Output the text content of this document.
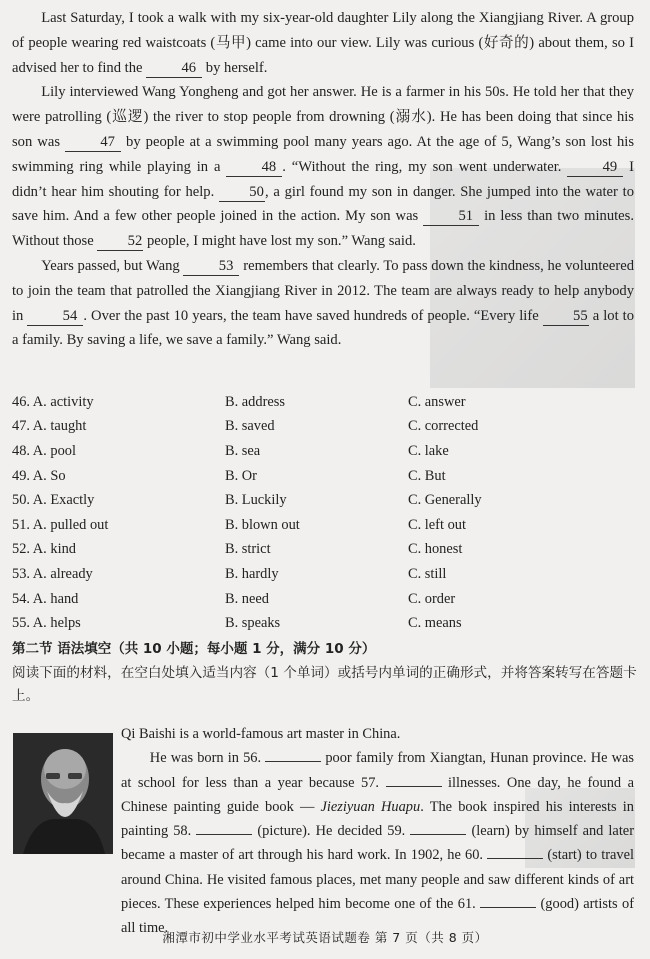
Last Saturday, I took a walk with my six-year-old daughter Lily along the Xiangjiang River. A group of people wearing red waistcoats (马甲) came into our view. Lily was curious (好奇的) about them, so I advised her to find the 46 by herself.

Lily interviewed Wang Yongheng and got her answer. He is a farmer in his 50s. He told her that they were patrolling (巡逻) the river to stop people from drowning (溺水). He has been doing that since his son was 47 by people at a swimming pool many years ago. At the age of 5, Wang’s son lost his swimming ring while playing in a 48 . “Without the ring, my son went underwater. 49 I didn’t hear him shouting for help. 50, a girl found my son in danger. She jumped into the water to save him. And a few other people joined in the action. My son was 51 in less than two minutes. Without those 52 people, I might have lost my son.” Wang said.

Years passed, but Wang 53 remembers that clearly. To pass down the kindness, he volunteered to join the team that patrolled the Xiangjiang River in 2012. The team are always ready to help anybody in 54 . Over the past 10 years, the team have saved hundreds of people. “Every life 55 a lot to a family. By saving a life, we save a family.” Wang said.

46. A. activity	B. address	C. answer
47. A. taught	B. saved	C. corrected
48. A. pool	B. sea	C. lake
49. A. So	B. Or	C. But
50. A. Exactly	B. Luckily	C. Generally
51. A. pulled out	B. blown out	C. left out
52. A. kind	B. strict	C. honest
53. A. already	B. hardly	C. still
54. A. hand	B. need	C. order
55. A. helps	B. speaks	C. means
第二节 语法填空（共 10 小题；每小题 1 分，满分 10 分）
阅读下面的材料，在空白处填入适当内容（1 个单词）或括号内单词的正确形式，并将答案转写在答题卡上。

Qi Baishi is a world-famous art master in China.

He was born in 56.	poor family from Xiangtan, Hunan province. He was at school for less than a year because 57.	illnesses. One day, he found a Chinese painting guide book — Jieziyuan Huapu. The book inspired his interests in painting 58.	(picture). He decided 59.	(learn) by himself and later became a master of art through his hard work. In 1902, he 60.	(start) to travel around China. He visited famous places, met many people and saw different kinds of art pieces. These experiences helped him become one of the 61.	(good) artists of all time.

湘潭市初中学业水平考试英语试题卷 第 7 页（共 8 页）
